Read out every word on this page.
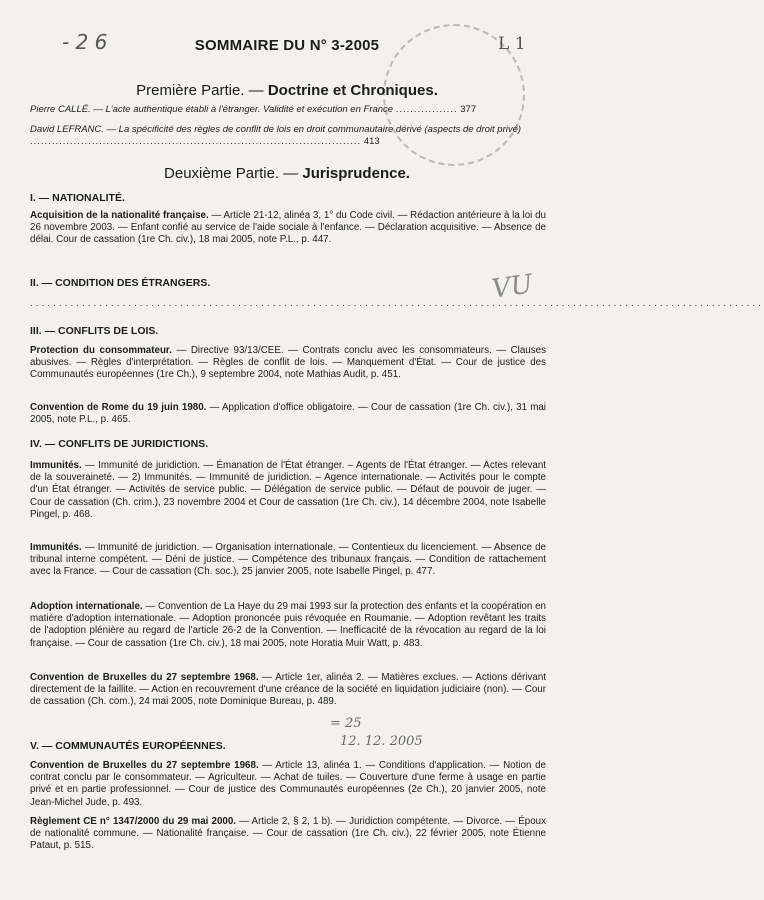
- 2 6	SOMMAIRE DU N° 3-2005	L 1
Première Partie. — Doctrine et Chroniques.
Pierre CALLÉ. — L'acte authentique établi à l'étranger. Validité et exécution en France ................. 377
David LEFRANC. — La spécificité des règles de conflit de lois en droit communautaire dérivé (aspects de droit privé) ........................................................................................... 413
Deuxième Partie. — Jurisprudence.
I. — NATIONALITÉ.
Acquisition de la nationalité française. — Article 21-12, alinéa 3, 1° du Code civil. — Rédaction antérieure à la loi du 26 novembre 2003. — Enfant confié au service de l'aide sociale à l'enfance. — Déclaration acquisitive. — Absence de délai. Cour de cassation (1re Ch. civ.), 18 mai 2005, note P.L., p. 447.
II. — CONDITION DES ÉTRANGERS.
...............................................................................................................................
VU
III. — CONFLITS DE LOIS.
Protection du consommateur. — Directive 93/13/CEE. — Contrats conclu avec les consommateurs. — Clauses abusives. — Règles d'interprétation. — Règles de conflit de lois. — Manquement d'État. — Cour de justice des Communautés européennes (1re Ch.), 9 septembre 2004, note Mathias Audit, p. 451.
Convention de Rome du 19 juin 1980. — Application d'office obligatoire. — Cour de cassation (1re Ch. civ.), 31 mai 2005, note P.L., p. 465.
IV. — CONFLITS DE JURIDICTIONS.
Immunités. — Immunité de juridiction. — Émanation de l'État étranger. – Agents de l'État étranger. — Actes relevant de la souveraineté. — 2) Immunités. — Immunité de juridiction. – Agence internationale. — Activités pour le compte d'un État étranger. — Activités de service public. — Délégation de service public. — Défaut de pouvoir de juger. — Cour de cassation (Ch. crim.), 23 novembre 2004 et Cour de cassation (1re Ch. civ.), 14 décembre 2004, note Isabelle Pingel, p. 468.
Immunités. — Immunité de juridiction. — Organisation internationale. — Contentieux du licenciement. — Absence de tribunal interne compétent. — Déni de justice. — Compétence des tribunaux français. — Condition de rattachement avec la France. — Cour de cassation (Ch. soc.), 25 janvier 2005, note Isabelle Pingel, p. 477.
Adoption internationale. — Convention de La Haye du 29 mai 1993 sur la protection des enfants et la coopération en matière d'adoption internationale. — Adoption prononcée puis révoquée en Roumanie. — Adoption revêtant les traits de l'adoption plénière au regard de l'article 26-2 de la Convention. — Inefficacité de la révocation au regard de la loi française. — Cour de cassation (1re Ch. civ.), 18 mai 2005, note Horatia Muir Watt, p. 483.
Convention de Bruxelles du 27 septembre 1968. — Article 1er, alinéa 2. — Matières exclues. — Actions dérivant directement de la faillite. — Action en recouvrement d'une créance de la société en liquidation judiciaire (non). — Cour de cassation (Ch. com.), 24 mai 2005, note Dominique Bureau, p. 489.
= 25
12. 12. 2005
V. — COMMUNAUTÉS EUROPÉENNES.
Convention de Bruxelles du 27 septembre 1968. — Article 13, alinéa 1. — Conditions d'application. — Notion de contrat conclu par le consommateur. — Agriculteur. — Achat de tuiles. — Couverture d'une ferme à usage en partie privé et en partie professionnel. — Cour de justice des Communautés européennes (2e Ch.), 20 janvier 2005, note Jean-Michel Jude, p. 493.
Règlement CE n° 1347/2000 du 29 mai 2000. — Article 2, § 2, 1 b). — Juridiction compétente. — Divorce. — Époux de nationalité commune. — Nationalité française. — Cour de cassation (1re Ch. civ.), 22 février 2005, note Étienne Pataut, p. 515.
